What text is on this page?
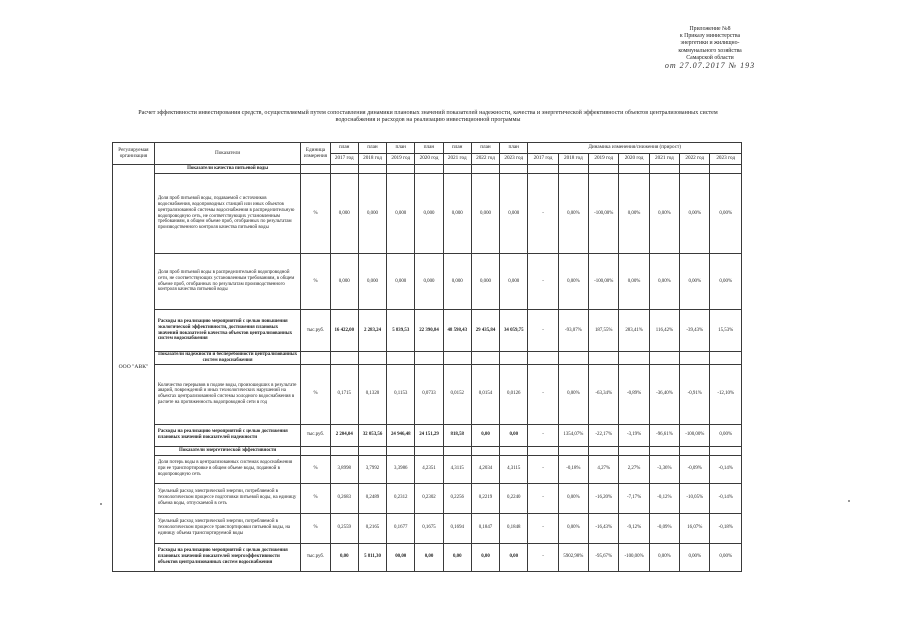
Приложение №8
к Приказу министерства
энергетики и жилищно-
коммунального хозяйства
Самарской области
от 27.07.2017 № 193
Расчет эффективности инвестирования средств, осуществляемый путем сопоставления динамики плановых значений показателей надежности, качества и энергетической эффективности объектов централизованных систем водоснабжения и расходов на реализацию инвестиционной программы
Регулируемая организация	Показатели	Единица измерения	план	план	план	план	план	план	план	Динамика изменения/снижения (прирост)						
			2017 год	2018 год	2019 год	2020 год	2021 год	2022 год	2023 год	2017 год	2018 год	2019 год	2020 год	2021 год	2022 год	2023 год
ООО "АВК"	Показатели качества питьевой воды															
	Доля проб питьевой воды, подаваемой с источников водоснабжения, водопроводных станций или иных объектов централизованной системы водоснабжения в распределительную водопроводную сеть, не соответствующих установленным требованиям, в общем объеме проб, отобранных по результатам производственного контроля качества питьевой воды	%	0,000	0,000	0,000	0,000	0,000	0,000	0,000	-	0,00%	-100,00%	0,00%	0,00%	0,00%	0,00%
	Доля проб питьевой воды в распределительной водопроводной сети, не соответствующих установленным требованиям, в общем объеме проб, отобранных по результатам производственного контроля качества питьевой воды	%	0,000	0,000	0,000	0,000	0,000	0,000	0,000	-	0,00%	-100,00%	0,00%	0,00%	0,00%	0,00%
	Расходы на реализацию мероприятий с целью повышения экологической эффективности, достижения плановых значений показателей качества объектов централизованных систем водоснабжения	тыс.руб.	16 422,00	2 283,24	5 839,53	22 390,84	48 598,43	29 435,84	34 059,75	-	-93,07%	187,55%	283,41%	116,42%	-39,43%	15,53%
	Показатели надежности и бесперебойности централизованных систем водоснабжения															
	Количество перерывов в подаче воды, произошедших в результате аварий, повреждений и иных технологических нарушений на объектах централизованной системы холодного водоснабжения в расчете на протяженность водопроводной сети в год	%	0,1715	0,1320	0,1153	0,0733	0,0152	0,0154	0,0126	-	0,00%	-63,34%	-0,89%	-36,40%	-0,91%	-12,10%
	Расходы на реализацию мероприятий с целью достижения плановых значений показателей надежности	тыс.руб.	2 204,04	32 053,56	24 946,48	24 151,29	818,58	0,00	0,00	-	1354,07%	-22,17%	-3,19%	-96,61%	-100,00%	0,00%
	Показатели энергетической эффективности															
	Доля потерь воды в централизованных системах водоснабжения при ее транспортировке в общем объеме воды, поданной в водопроводную сеть	%	3,8998	3,7992	3,3986	4,2351	4,3115	4,2034	4,3115	-	-0,18%	4,27%	2,27%	-3,36%	-0,09%	-0,14%
	Удельный расход электрической энергии, потребляемой в технологическом процессе подготовки питьевой воды, на единицу объема воды, отпускаемой в сеть	%	0,2683	0,2489	0,2312	0,2302	0,2256	0,2219	0,2240	-	0,00%	-16,20%	-7,17%	-0,12%	-10,05%	-0,14%
	Удельный расход электрической энергии, потребляемой в технологическом процессе транспортировки питьевой воды, на единицу объема транспортируемой воды	%	0,2559	0,2165	0,1677	0,1675	0,1694	0,1847	0,1848	-	0,00%	-16,43%	-9,12%	-0,09%	16,07%	-0,18%
	Расходы на реализацию мероприятий с целью достижения плановых значений показателей энергоэффективности объектов централизованных систем водоснабжения	тыс.руб.	0,00	5 811,30	00,00	0,00	0,00	0,00	0,00	-	5902,98%	-95,67%	-100,00%	0,00%	0,00%	0,00%
